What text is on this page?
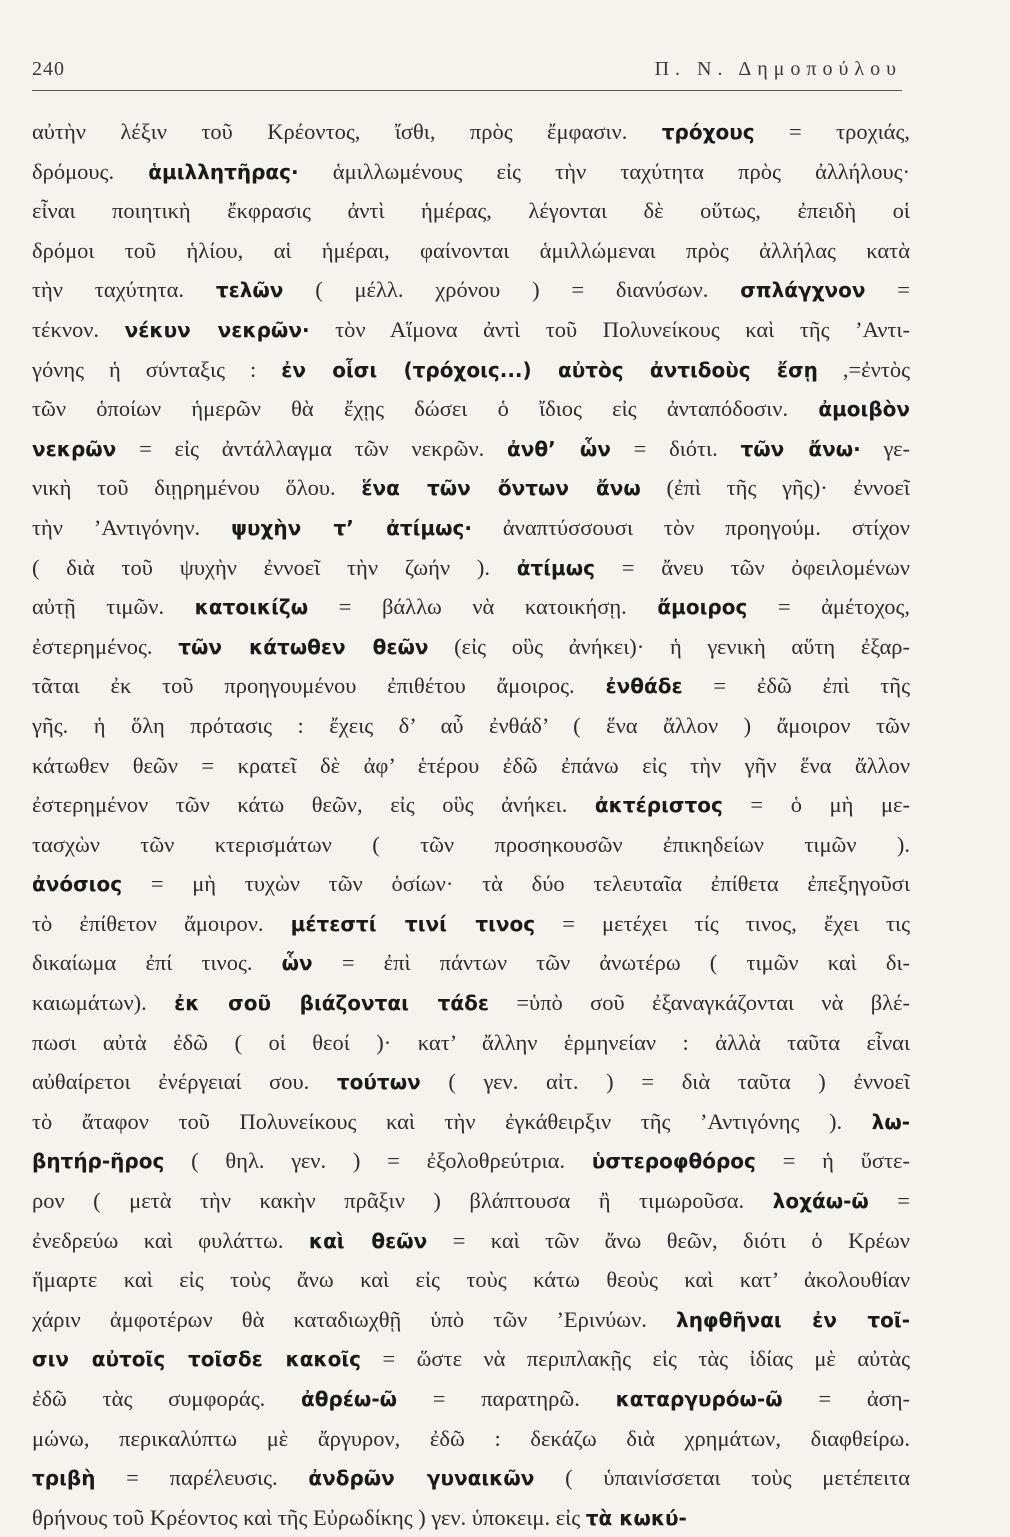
240	Π. Ν. Δημοπούλου
αὐτὴν λέξιν τοῦ Κρέοντος, ἴσθι, πρὸς ἔμφασιν. τρόχους = τροχιάς,
δρόμους. ἁμιλλητῆρας· ἁμιλλωμένους εἰς τὴν ταχύτητα πρὸς ἀλλήλους·
εἶναι ποιητικὴ ἔκφρασις ἀντὶ ἡμέρας, λέγονται δὲ οὕτως, ἐπειδὴ οἱ
δρόμοι τοῦ ἡλίου, αἱ ἡμέραι, φαίνονται ἁμιλλώμεναι πρὸς ἀλλήλας κατὰ
τὴν ταχύτητα. τελῶν ( μέλλ. χρόνου ) = διανύσων. σπλάγχνον =
τέκνον. νέκυν νεκρῶν· τὸν Αἵμονα ἀντὶ τοῦ Πολυνείκους καὶ τῆς ’Αντι-
γόνης ἡ σύνταξις : ἐν οἷσι (τρόχοις...) αὐτὸς ἀντιδοὺς ἔσῃ ,=ἐντὸς
τῶν ὁποίων ἡμερῶν θὰ ἔχῃς δώσει ὁ ἴδιος εἰς ἀνταπόδοσιν. ἀμοιβὸν
νεκρῶν = εἰς ἀντάλλαγμα τῶν νεκρῶν. ἀνθ’ ὧν = διότι. τῶν ἄνω· γε-
νικὴ τοῦ διῃρημένου ὅλου. ἕνα τῶν ὄντων ἄνω (ἐπὶ τῆς γῆς)· ἐννοεῖ
τὴν ’Αντιγόνην. ψυχὴν τ’ ἀτίμως· ἀναπτύσσουσι τὸν προηγούμ. στίχον
( διὰ τοῦ ψυχὴν ἐννοεῖ τὴν ζωήν ). ἀτίμως = ἄνευ τῶν ὀφειλομένων
αὐτῇ τιμῶν. κατοικίζω = βάλλω νὰ κατοικήσῃ. ἄμοιρος = ἀμέτοχος,
ἐστερημένος. τῶν κάτωθεν θεῶν (εἰς οὓς ἀνήκει)· ἡ γενικὴ αὕτη ἐξαρ-
τᾶται ἐκ τοῦ προηγουμένου ἐπιθέτου ἄμοιρος. ἐνθάδε = ἐδῶ ἐπὶ τῆς
γῆς. ἡ ὅλη πρότασις : ἔχεις δ’ αὖ ἐνθάδ’ ( ἕνα ἄλλον ) ἄμοιρον τῶν
κάτωθεν θεῶν = κρατεῖ δὲ ἀφ’ ἑτέρου ἐδῶ ἐπάνω εἰς τὴν γῆν ἕνα ἄλλον
ἐστερημένον τῶν κάτω θεῶν, εἰς οὓς ἀνήκει. ἀκτέριστος = ὁ μὴ με-
τασχὼν τῶν κτερισμάτων ( τῶν προσηκουσῶν ἐπικηδείων τιμῶν ).
ἀνόσιος = μὴ τυχὼν τῶν ὁσίων· τὰ δύο τελευταῖα ἐπίθετα ἐπεξηγοῦσι
τὸ ἐπίθετον ἄμοιρον. μέτεστί τινί τινος = μετέχει τίς τινος, ἔχει τις
δικαίωμα ἐπί τινος. ὧν = ἐπὶ πάντων τῶν ἀνωτέρω ( τιμῶν καὶ δι-
καιωμάτων). ἐκ σοῦ βιάζονται τάδε =ὑπὸ σοῦ ἐξαναγκάζονται νὰ βλέ-
πωσι αὐτὰ ἐδῶ ( οἱ θεοί )· κατ’ ἄλλην ἑρμηνείαν : ἀλλὰ ταῦτα εἶναι
αὐθαίρετοι ἐνέργειαί σου. τούτων ( γεν. αἰτ. ) = διὰ ταῦτα ) ἐννοεῖ
τὸ ἄταφον τοῦ Πολυνείκους καὶ τὴν ἐγκάθειρξιν τῆς ’Αντιγόνης ). λω-
βητήρ-ῆρος ( θηλ. γεν. ) = ἐξολοθρεύτρια. ὑστεροφθόρος = ἡ ὕστε-
ρον ( μετὰ τὴν κακὴν πρᾶξιν ) βλάπτουσα ἢ τιμωροῦσα. λοχάω-ῶ =
ἐνεδρεύω καὶ φυλάττω. καὶ θεῶν = καὶ τῶν ἄνω θεῶν, διότι ὁ Κρέων
ἥμαρτε καὶ εἰς τοὺς ἄνω καὶ εἰς τοὺς κάτω θεοὺς καὶ κατ’ ἀκολουθίαν
χάριν ἀμφοτέρων θὰ καταδιωχθῇ ὑπὸ τῶν ’Ερινύων. ληφθῆναι ἐν τοῖ-
σιν αὐτοῖς τοῖσδε κακοῖς = ὥστε νὰ περιπλακῇς εἰς τὰς ἰδίας μὲ αὐτὰς
ἐδῶ τὰς συμφοράς. ἀθρέω-ῶ = παρατηρῶ. καταργυρόω-ῶ = ἀση-
μώνω, περικαλύπτω μὲ ἄργυρον, ἐδῶ : δεκάζω διὰ χρημάτων, διαφθείρω.
τριβὴ = παρέλευσις. ἀνδρῶν γυναικῶν ( ὑπαινίσσεται τοὺς μετέπειτα
θρήνους τοῦ Κρέοντος καὶ τῆς Εὐρωδίκης ) γεν. ὑποκειμ. εἰς τὰ κωκύ-
